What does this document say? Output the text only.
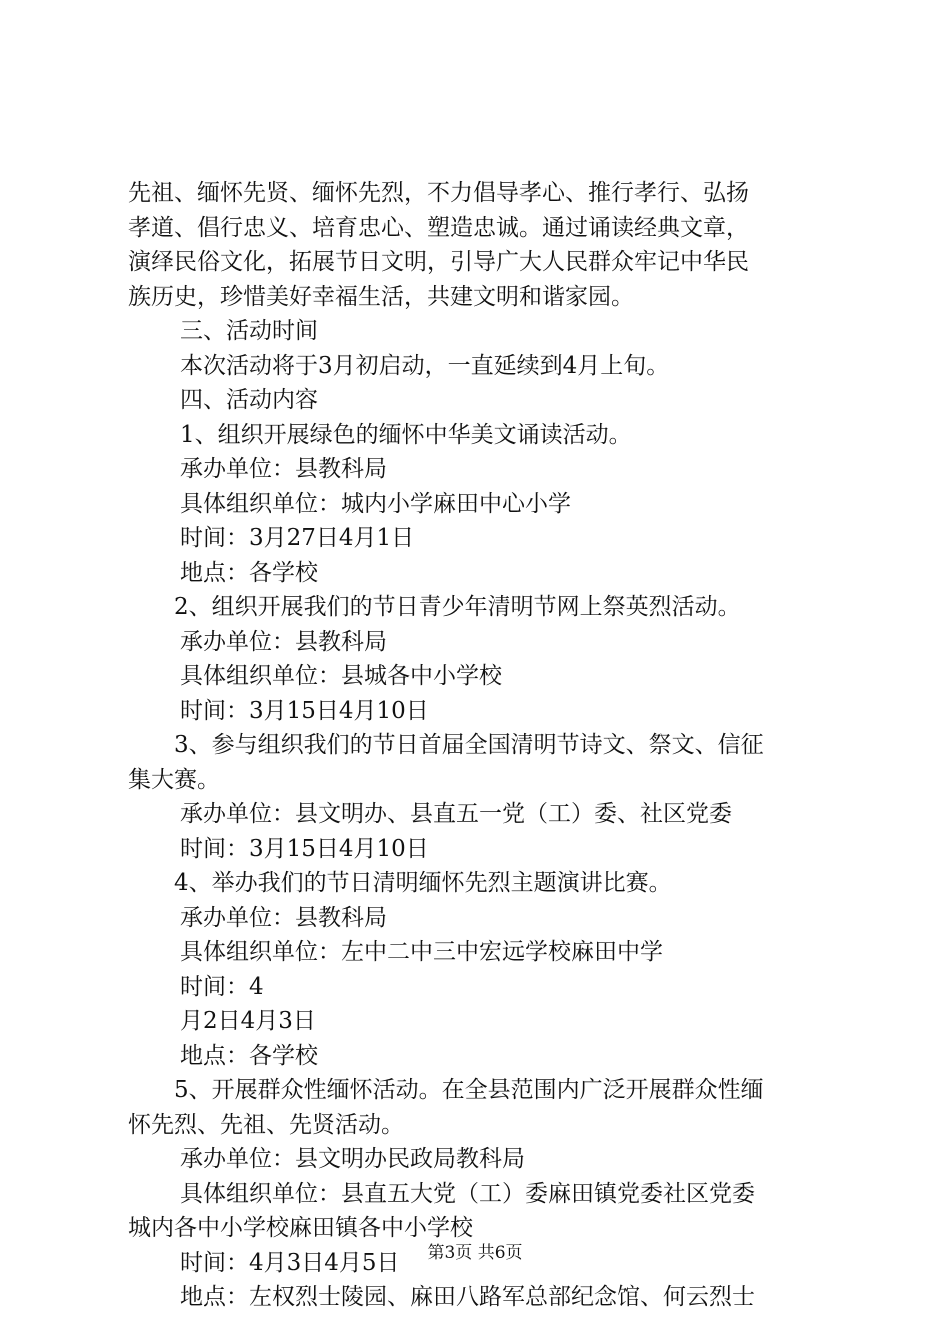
先祖、缅怀先贤、缅怀先烈，不力倡导孝心、推行孝行、弘扬
孝道、倡行忠义、培育忠心、塑造忠诚。通过诵读经典文章，
演绎民俗文化，拓展节日文明，引导广大人民群众牢记中华民
族历史，珍惜美好幸福生活，共建文明和谐家园。
三、活动时间
本次活动将于3月初启动，一直延续到4月上旬。
四、活动内容
1、组织开展绿色的缅怀中华美文诵读活动。
承办单位：县教科局
具体组织单位：城内小学麻田中心小学
时间：3月27日4月1日
地点：各学校
2、组织开展我们的节日青少年清明节网上祭英烈活动。
承办单位：县教科局
具体组织单位：县城各中小学校
时间：3月15日4月10日
3、参与组织我们的节日首届全国清明节诗文、祭文、信征
集大赛。
承办单位：县文明办、县直五一党（工）委、社区党委
时间：3月15日4月10日
4、举办我们的节日清明缅怀先烈主题演讲比赛。
承办单位：县教科局
具体组织单位：左中二中三中宏远学校麻田中学
时间：4
月2日4月3日
地点：各学校
5、开展群众性缅怀活动。在全县范围内广泛开展群众性缅
怀先烈、先祖、先贤活动。
承办单位：县文明办民政局教科局
具体组织单位：县直五大党（工）委麻田镇党委社区党委
城内各中小学校麻田镇各中小学校
时间：4月3日4月5日
地点：左权烈士陵园、麻田八路军总部纪念馆、何云烈士
第3页 共6页
